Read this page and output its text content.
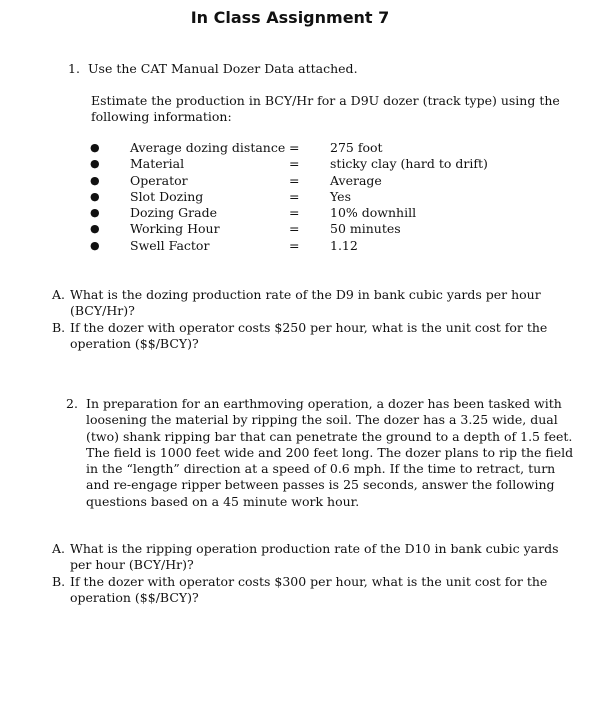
In Class Assignment 7
1. Use the CAT Manual Dozer Data attached.
Estimate the production in BCY/Hr for a D9U dozer (track type) using the following information:
● Average dozing distance = 275 foot
● Material	= sticky clay (hard to drift)
● Operator	= Average
● Slot Dozing	= Yes
● Dozing Grade	= 10% downhill
● Working Hour	= 50 minutes
● Swell Factor	= 1.12
A. What is the dozing production rate of the D9 in bank cubic yards per hour (BCY/Hr)?
B. If the dozer with operator costs $250 per hour, what is the unit cost for the operation ($$/BCY)?
2. In preparation for an earthmoving operation, a dozer has been tasked with loosening the material by ripping the soil. The dozer has a 3.25 wide, dual (two) shank ripping bar that can penetrate the ground to a depth of 1.5 feet. The field is 1000 feet wide and 200 feet long. The dozer plans to rip the field in the “length” direction at a speed of 0.6 mph. If the time to retract, turn and re-engage ripper between passes is 25 seconds, answer the following questions based on a 45 minute work hour.
A. What is the ripping operation production rate of the D10 in bank cubic yards per hour (BCY/Hr)?
B. If the dozer with operator costs $300 per hour, what is the unit cost for the operation ($$/BCY)?
